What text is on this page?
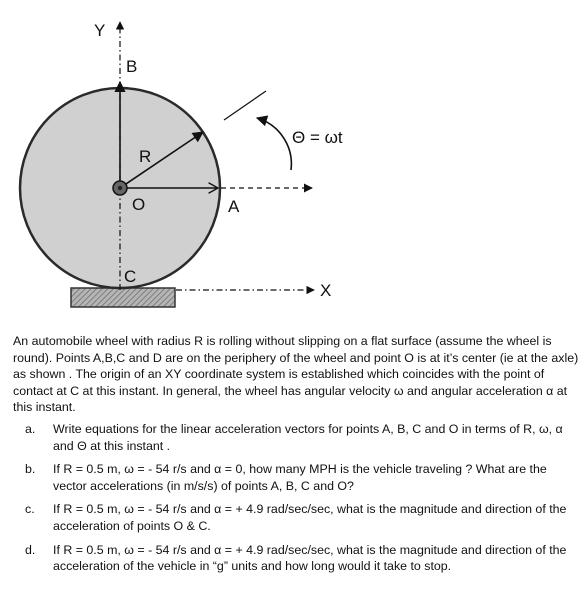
Y
X
B
R
O	A
C
Θ = ωt

An automobile wheel with radius R is rolling without slipping on a flat surface (assume the wheel is round). Points A,B,C and D are on the periphery of the wheel and point O is at it’s center (ie at the axle) as shown . The origin of an XY coordinate system is established which coincides with the point of contact at C at this instant. In general, the wheel has angular velocity ω and angular acceleration α at this instant.

a. Write equations for the linear acceleration vectors for points A, B, C and O in terms of R, ω, α and Θ at this instant .
b. If R = 0.5 m, ω = - 54 r/s and α = 0, how many MPH is the vehicle traveling ? What are the vector accelerations (in m/s/s) of points A, B, C and O?
c. If R = 0.5 m, ω = - 54 r/s and α = + 4.9 rad/sec/sec, what is the magnitude and direction of the acceleration of points O & C.
d. If R = 0.5 m, ω = - 54 r/s and α = + 4.9 rad/sec/sec, what is the magnitude and direction of the acceleration of the vehicle in “g” units and how long would it take to stop.
